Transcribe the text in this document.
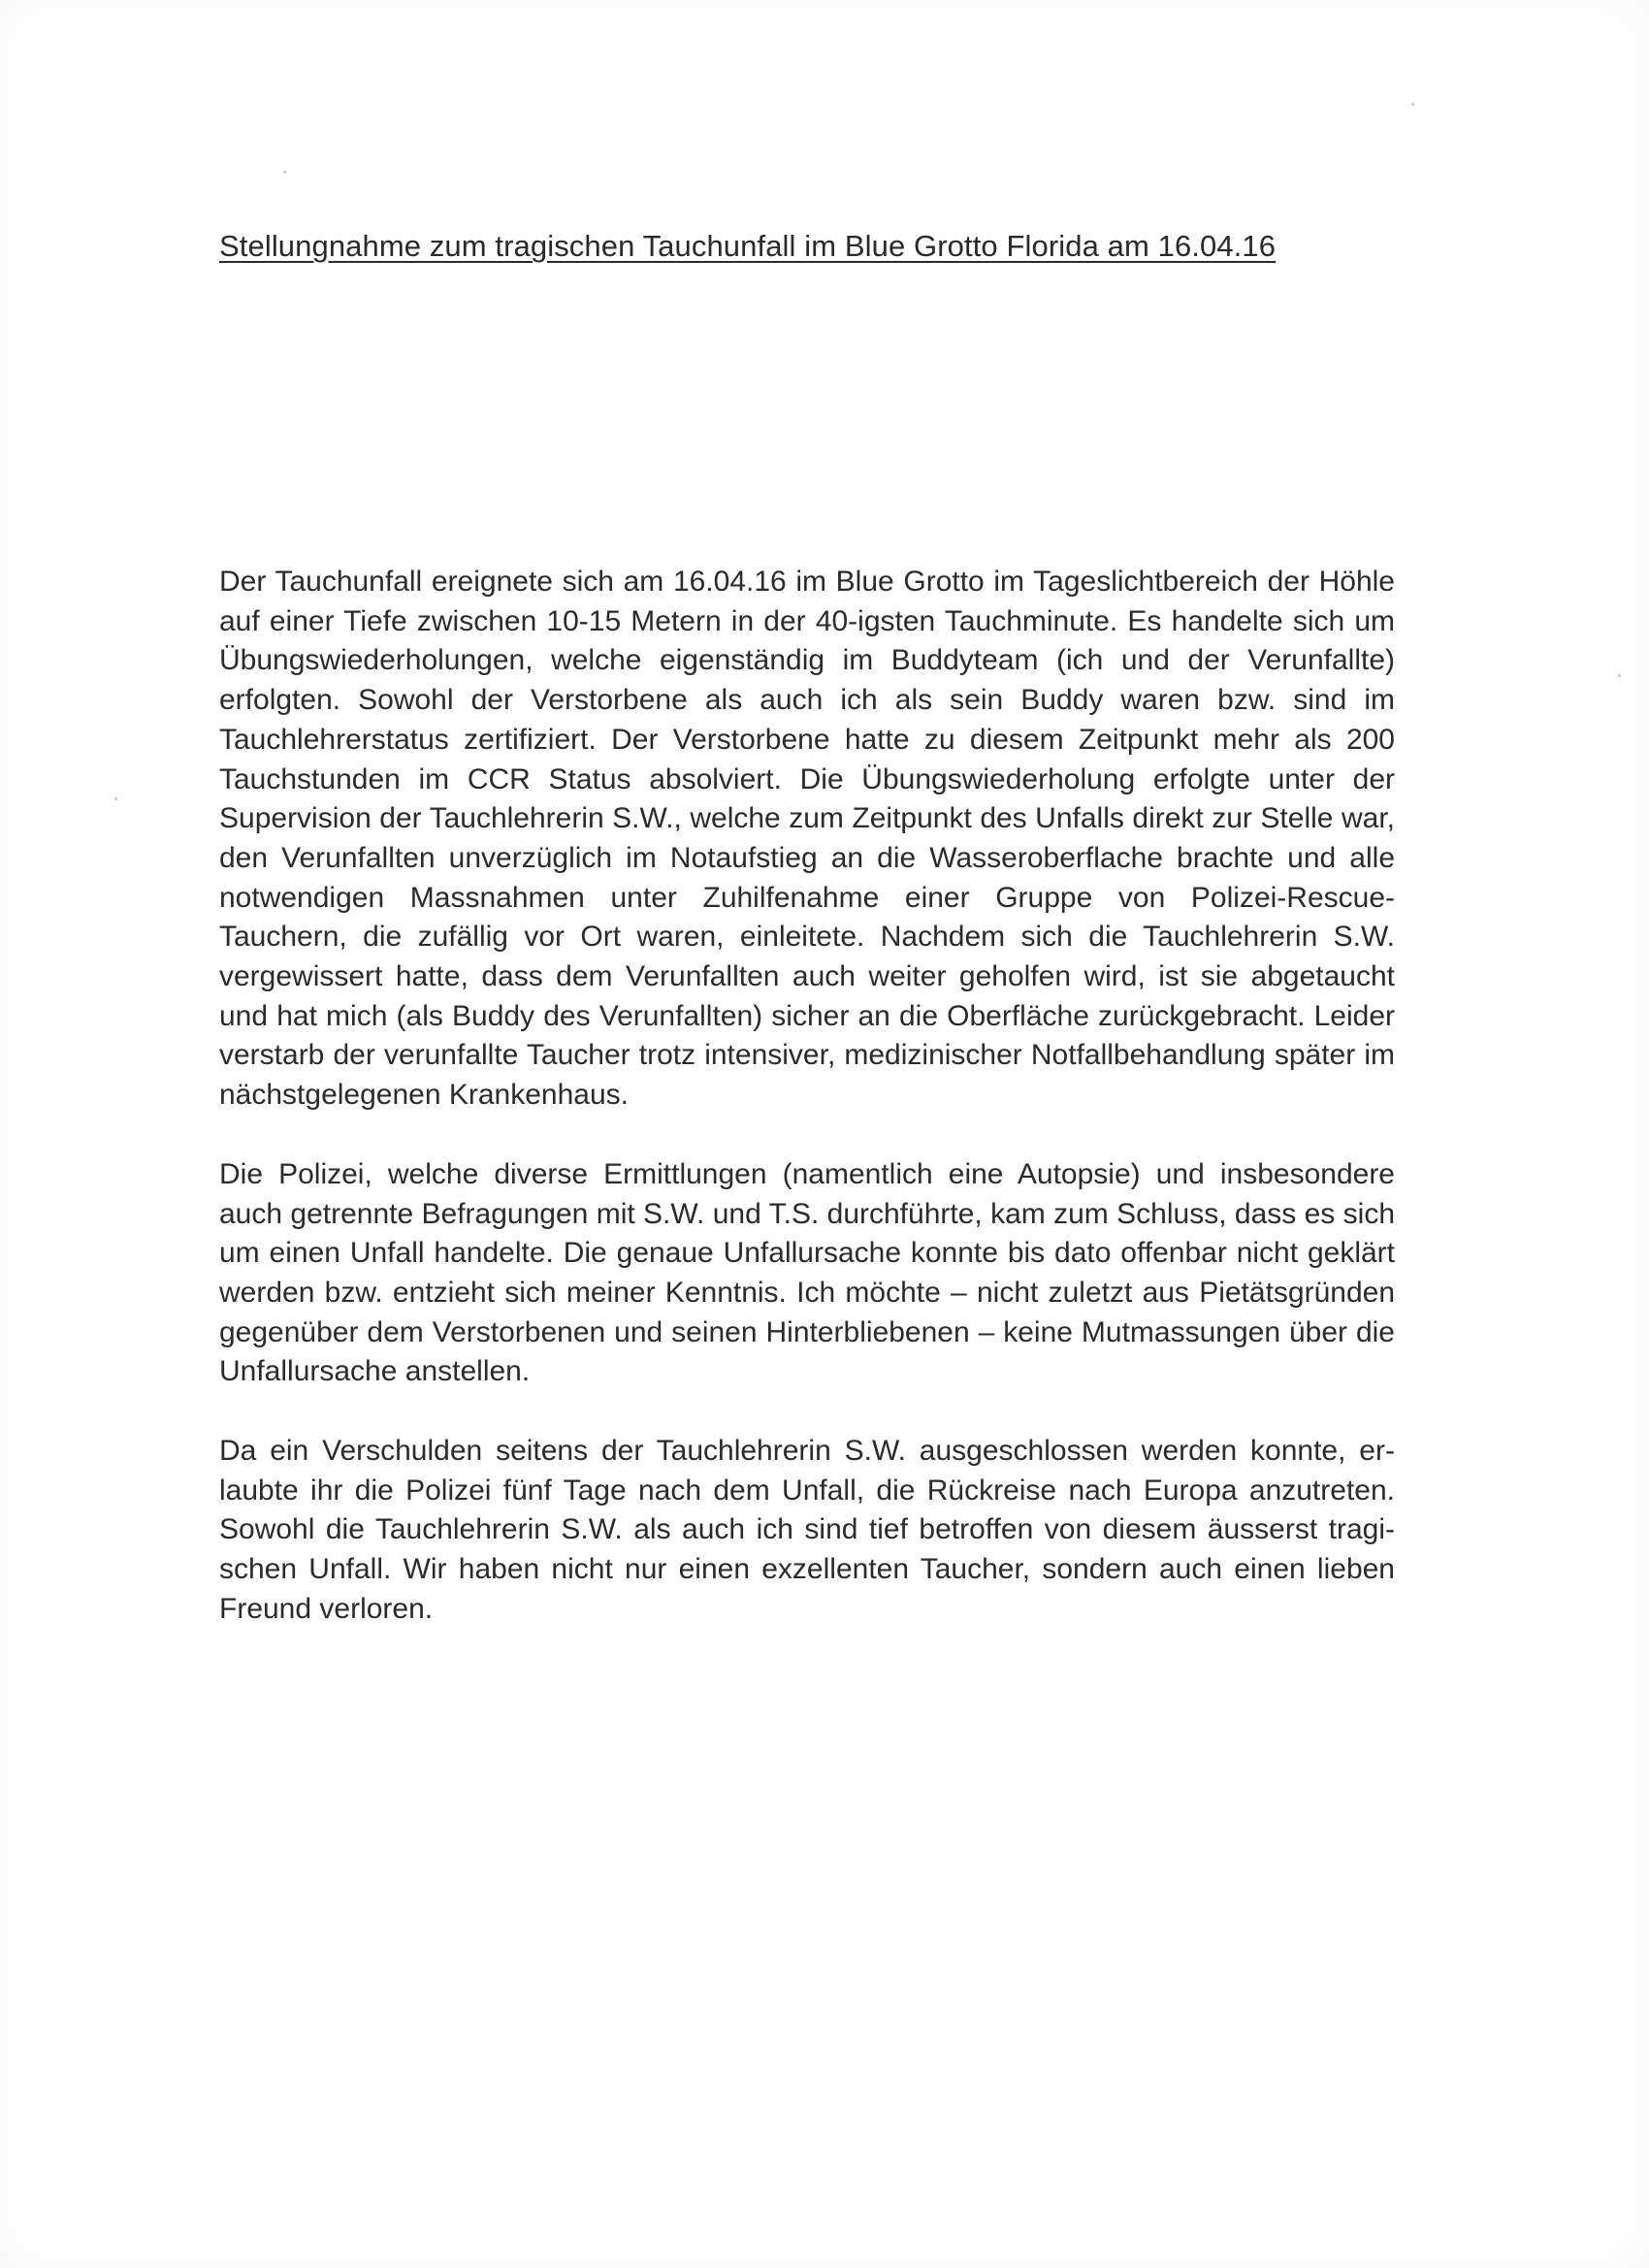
Stellungnahme zum tragischen Tauchunfall im Blue Grotto Florida am 16.04.16

Der Tauchunfall ereignete sich am 16.04.16 im Blue Grotto im Tageslichtbereich der Höhle auf einer Tiefe zwischen 10-15 Metern in der 40-igsten Tauchminute. Es handelte sich um Übungswiederholungen, welche eigenständig im Buddyteam (ich und der Verunfallte) erfolgten. Sowohl der Verstorbene als auch ich als sein Buddy waren bzw. sind im Tauchlehrerstatus zertifiziert. Der Verstorbene hatte zu diesem Zeitpunkt mehr als 200 Tauchstunden im CCR Status absolviert. Die Übungswiederholung erfolgte unter der Supervision der Tauchlehrerin S.W., welche zum Zeitpunkt des Unfalls direkt zur Stelle war, den Verunfallten unverzüglich im Notaufstieg an die Wasseroberflache brachte und alle notwendigen Massnahmen unter Zuhilfenahme einer Gruppe von Polizei-Rescue-Tauchern, die zufällig vor Ort waren, einleitete. Nachdem sich die Tauchlehrerin S.W. vergewissert hatte, dass dem Verunfallten auch weiter geholfen wird, ist sie abgetaucht und hat mich (als Buddy des Verunfallten) sicher an die Oberfläche zurückgebracht. Leider verstarb der verunfallte Taucher trotz intensiver, medizinischer Notfallbehandlung später im nächstgelegenen Krankenhaus.

Die Polizei, welche diverse Ermittlungen (namentlich eine Autopsie) und insbesondere auch getrennte Befragungen mit S.W. und T.S. durchführte, kam zum Schluss, dass es sich um einen Unfall handelte. Die genaue Unfallursache konnte bis dato offenbar nicht geklärt werden bzw. entzieht sich meiner Kenntnis. Ich möchte – nicht zuletzt aus Pietätsgründen gegenüber dem Verstorbenen und seinen Hinterbliebenen – keine Mutmassungen über die Unfallursache anstellen.

Da ein Verschulden seitens der Tauchlehrerin S.W. ausgeschlossen werden konnte, erlaubte ihr die Polizei fünf Tage nach dem Unfall, die Rückreise nach Europa anzutreten. Sowohl die Tauchlehrerin S.W. als auch ich sind tief betroffen von diesem äusserst tragischen Unfall. Wir haben nicht nur einen exzellenten Taucher, sondern auch einen lieben Freund verloren.
